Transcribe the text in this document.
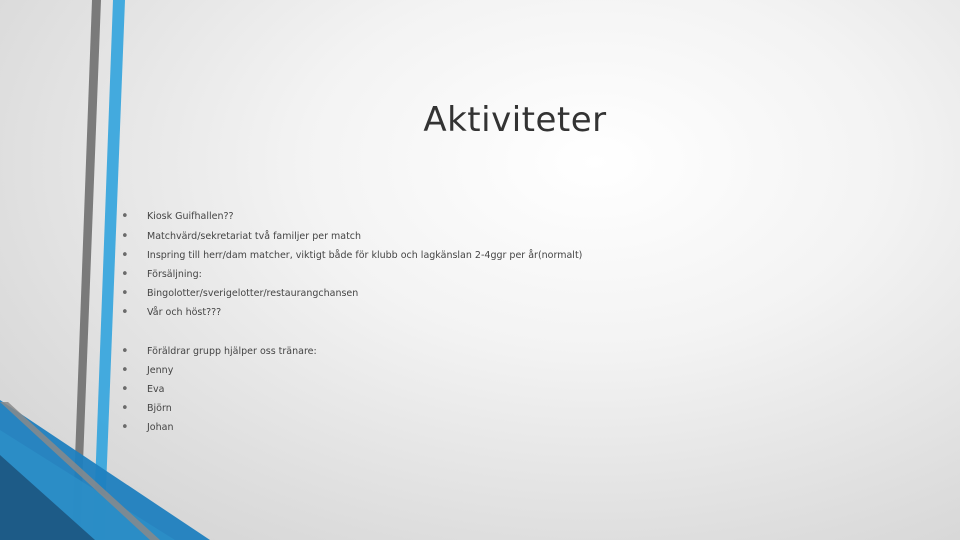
Aktiviteter
•	Kiosk Guifhallen??
•	Matchvärd/sekretariat två familjer per match
•	Inspring till herr/dam matcher, viktigt både för klubb och lagkänslan 2-4ggr per år(normalt)
•	Försäljning:
•	Bingolotter/sverigelotter/restaurangchansen
•	Vår och höst???
•	Föräldrar grupp hjälper oss tränare:
•	Jenny
•	Eva
•	Björn
•	Johan
